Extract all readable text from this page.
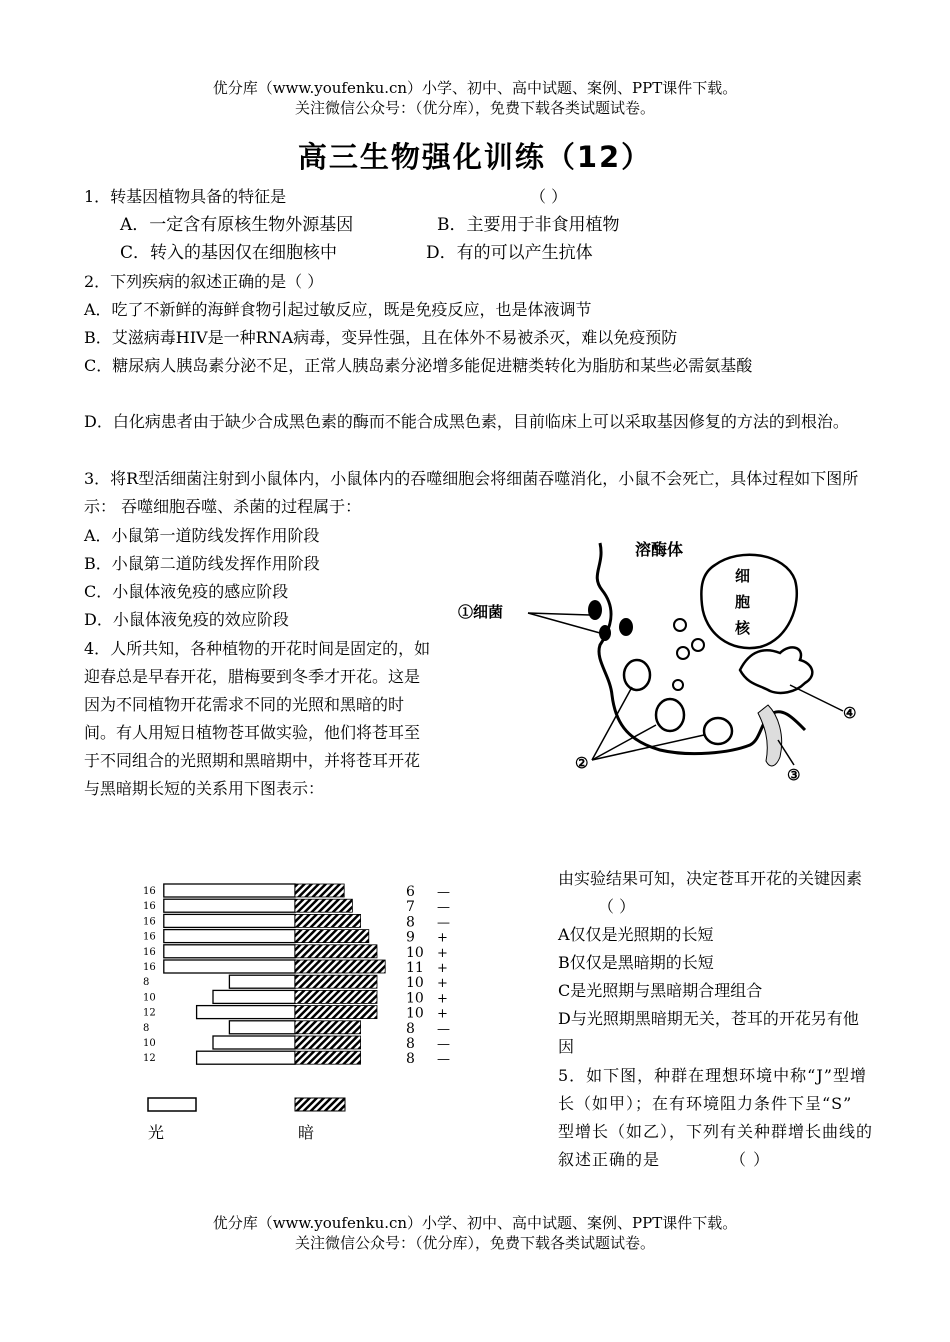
优分库（www.youfenku.cn）小学、初中、高中试题、案例、PPT课件下载。
关注微信公众号：（优分库），免费下载各类试题试卷。
高三生物强化训练（12）
1．转基因植物具备的特征是	（ ）
A．一定含有原核生物外源基因	B．主要用于非食用植物
C．转入的基因仅在细胞核中	D．有的可以产生抗体
2．下列疾病的叙述正确的是（ ）
A．吃了不新鲜的海鲜食物引起过敏反应，既是免疫反应，也是体液调节
B．艾滋病毒HIV是一种RNA病毒，变异性强，且在体外不易被杀灭，难以免疫预防
C．糖尿病人胰岛素分泌不足，正常人胰岛素分泌增多能促进糖类转化为脂肪和某些必需氨基酸
D．白化病患者由于缺少合成黑色素的酶而不能合成黑色素，目前临床上可以采取基因修复的方法的到根治。
3．将R型活细菌注射到小鼠体内，小鼠体内的吞噬细胞会将细菌吞噬消化，小鼠不会死亡，具体过程如下图所示： 吞噬细胞吞噬、杀菌的过程属于：
A．小鼠第一道防线发挥作用阶段
B．小鼠第二道防线发挥作用阶段
C．小鼠体液免疫的感应阶段
D．小鼠体液免疫的效应阶段
4．人所共知，各种植物的开花时间是固定的，如迎春总是早春开花，腊梅要到冬季才开花。这是因为不同植物开花需求不同的光照和黑暗的时间。有人用短日植物苍耳做实验，他们将苍耳至于不同组合的光照期和黑暗期中，并将苍耳开花与黑暗期长短的关系用下图表示：
溶酶体
细
胞
核
①细菌
②
③
④
16	6 —
16	7 —
16	8 —
16	9 +
16	10 +
16	11 +
8	10 +
10	10 +
12	10 +
8	8 —
10	8 —
12	8 —
光	暗
由实验结果可知，决定苍耳开花的关键因素（ ）
A仅仅是光照期的长短
B仅仅是黑暗期的长短
C是光照期与黑暗期合理组合
D与光照期黑暗期无关，苍耳的开花另有他因
5．如下图，种群在理想环境中称“J”型增长（如甲）；在有环境阻力条件下呈“S” 型增长（如乙），下列有关种群增长曲线的叙述正确的是	（ ）
优分库（www.youfenku.cn）小学、初中、高中试题、案例、PPT课件下载。
关注微信公众号：（优分库），免费下载各类试题试卷。
